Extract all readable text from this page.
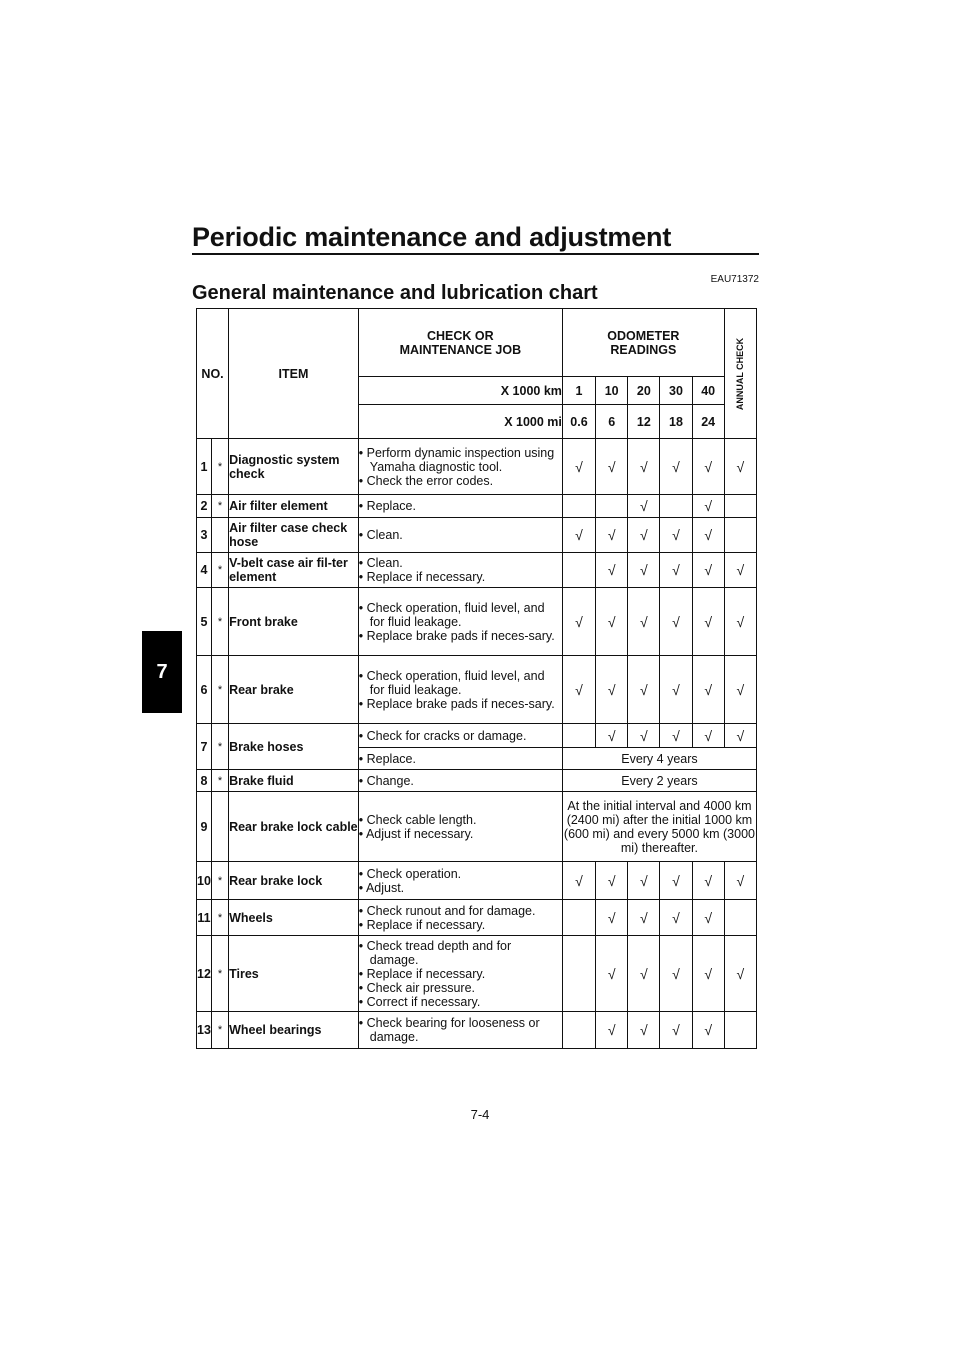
Periodic maintenance and adjustment
7
EAU71372
General maintenance and lubrication chart
NO.		ITEM	CHECK OR
MAINTENANCE JOB	ODOMETER
READINGS					ANNUAL CHECK

			X 1000 km	1	10	20	30	40	
			X 1000 mi	0.6	6	12	18	24	
1	*	Diagnostic system check	• Perform dynamic inspection using Yamaha diagnostic tool.
• Check the error codes.	√	√	√	√	√	√
2	*	Air filter element	• Replace.			√		√	
3		Air filter case check hose	• Clean.	√	√	√	√	√	
4	*	V-belt case air fil-ter element	• Clean.
• Replace if necessary.		√	√	√	√	√
5	*	Front brake	• Check operation, fluid level, and for fluid leakage.
• Replace brake pads if neces-sary.	√	√	√	√	√	√
6	*	Rear brake	• Check operation, fluid level, and for fluid leakage.
• Replace brake pads if neces-sary.	√	√	√	√	√	√
7	*	Brake hoses	• Check for cracks or damage.		√	√	√	√	√

			• Replace.	Every 4 years					
8	*	Brake fluid	• Change.	Every 2 years					
9		Rear brake lock cable	• Check cable length.
• Adjust if necessary.	At the initial interval and 4000 km (2400 mi) after the initial 1000 km (600 mi) and every 5000 km (3000 mi) thereafter.					
10	*	Rear brake lock	• Check operation.
• Adjust.	√	√	√	√	√	√
11	*	Wheels	• Check runout and for damage.
• Replace if necessary.		√	√	√	√	
12	*	Tires	• Check tread depth and for damage.
• Replace if necessary.
• Check air pressure.
• Correct if necessary.		√	√	√	√	√
13	*	Wheel bearings	• Check bearing for looseness or damage.		√	√	√	√	
7-4
